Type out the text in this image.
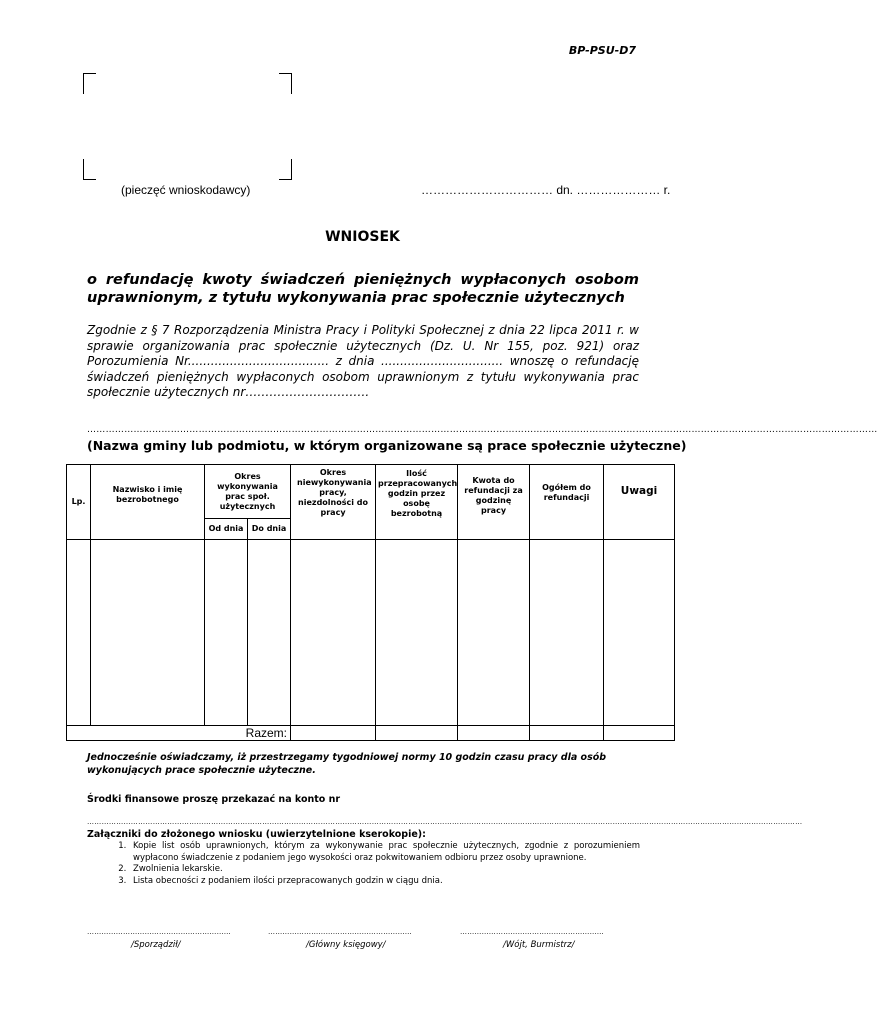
BP-PSU-D7
(pieczęć wnioskodawcy)	…………………………… dn. ………………… r.
WNIOSEK
o refundację kwoty świadczeń pieniężnych wypłaconych osobom uprawnionym, z tytułu wykonywania prac społecznie użytecznych
Zgodnie z § 7 Rozporządzenia Ministra Pracy i Polityki Społecznej z dnia 22 lipca 2011 r. w sprawie organizowania prac społecznie użytecznych (Dz. U. Nr 155, poz. 921) oraz Porozumienia Nr..................................... z dnia ................................ wnoszę o refundację świadczeń pieniężnych wypłaconych osobom uprawnionym z tytułu wykonywania prac społecznie użytecznych nr………………………….
…………………………………………………………………………………………………………………………………………………………………………………………………………………………………
(Nazwa gminy lub podmiotu, w którym organizowane są prace społecznie użyteczne)
Lp.	Nazwisko i imię bezrobotnego	Okres wykonywania prac społ. użytecznych		Okres niewykonywania pracy, niezdolności do pracy	Ilość przepracowanych godzin przez osobę bezrobotną	Kwota do refundacji za godzinę pracy	Ogółem do refundacji	Uwagi
		Od dnia	Do dnia					

Razem:								
Jednocześnie oświadczamy, iż przestrzegamy tygodniowej normy 10 godzin czasu pracy dla osób wykonujących prace społecznie użyteczne.
Środki finansowe proszę przekazać na konto nr
……………………………………………………………………………………………………………………………………………………………………………………………………………………………………………………………………
Załączniki do złożonego wniosku (uwierzytelnione kserokopie):
1. Kopie list osób uprawnionych, którym za wykonywanie prac społecznie użytecznych, zgodnie z porozumieniem wypłacono świadczenie z podaniem jego wysokości oraz pokwitowaniem odbioru przez osoby uprawnione.
2. Zwolnienia lekarskie.
3. Lista obecności z podaniem ilości przepracowanych godzin w ciągu dnia.
……………………………………………………
/Sporządził/
……………………………………………………
/Główny księgowy/
……………………………………………………
/Wójt, Burmistrz/
